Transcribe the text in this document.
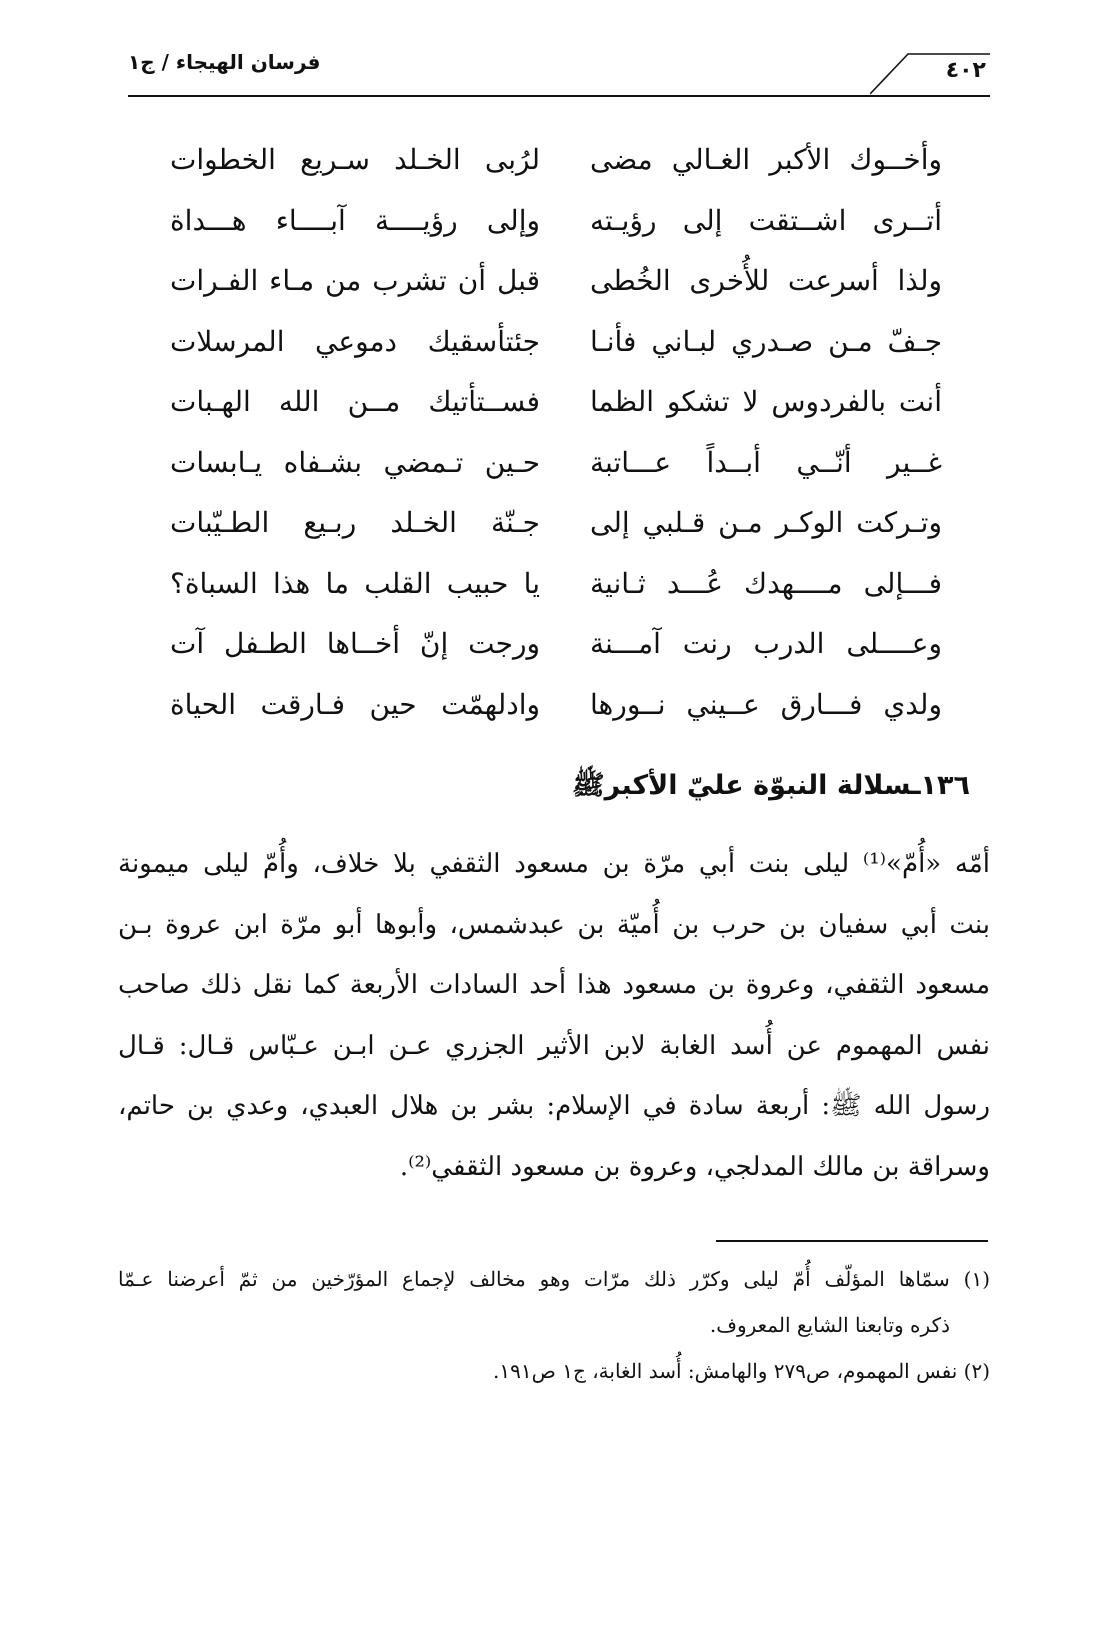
فرسان الهيجاء / ج١	٤٠٢
وأخــوك الأكبر الغـالي مضى
لرُبى الخـلد سـريع الخطوات
أتــرى اشــتقت إلى رؤيـته
وإلى رؤيــــة آبــــاء هـــداة
ولذا أسرعت للأُخرى الخُطى
قبل أن تشرب من مـاء الفـرات
جـفّ مـن صـدري لبـاني فأنـا
جئتأسقيك دموعي المرسلات
أنت بالفردوس لا تشكو الظما
فســتأتيك مــن الله الهـبات
غــير أنّــي أبــداً عـــاتبة
حـين تـمضي بشـفاه يـابسات
وتـركت الوكـر مـن قـلبي إلى
جـنّة الخـلد ربـيع الطـيّبات
فـــإلى مــــهدك عُـــد ثـانية
يا حبيب القلب ما هذا السباة؟
وعــــلى الدرب رنت آمـــنة
ورجت إنّ أخــاها الطـفل آت
ولدي فـــارق عــيني نــورها
وادلهمّت حين فـارقت الحياة
١٣٦ـسلالة النبوّة عليّ الأكبرﷺ
أمّه «أُمّ»⁽¹⁾ ليلى بنت أبي مرّة بن مسعود الثقفي بلا خلاف، وأُمّ ليلى ميمونة
بنت أبي سفيان بن حرب بن أُميّة بن عبدشمس، وأبوها أبو مرّة ابن عروة بـن
مسعود الثقفي، وعروة بن مسعود هذا أحد السادات الأربعة كما نقل ذلك صاحب
نفس المهموم عن أُسد الغابة لابن الأثير الجزري عـن ابـن عـبّاس قـال: قـال
رسول الله ﷺ: أربعة سادة في الإسلام: بشر بن هلال العبدي، وعدي بن حاتم،
وسراقة بن مالك المدلجي، وعروة بن مسعود الثقفي⁽²⁾.
(١) سمّاها المؤلّف أُمّ ليلى وكرّر ذلك مرّات وهو مخالف لإجماع المؤرّخين من ثمّ أعرضنا عـمّا
ذكره وتابعنا الشايع المعروف.
(٢) نفس المهموم، ص٢٧٩ والهامش: أُسد الغابة، ج١ ص١٩١.
